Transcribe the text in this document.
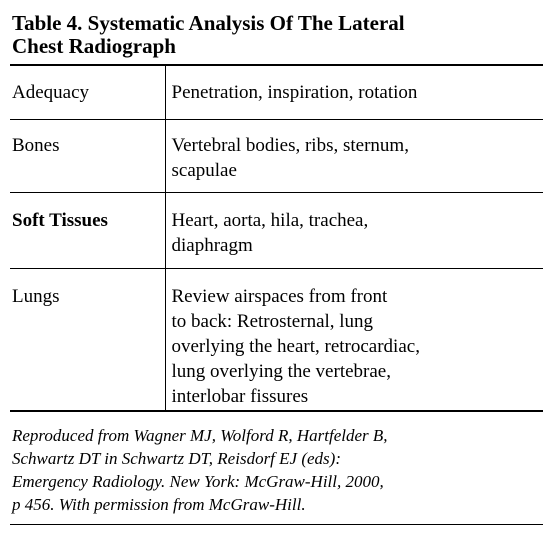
Table 4. Systematic Analysis Of The Lateral
Chest Radiograph
Adequacy	Penetration, inspiration, rotation
Bones	Vertebral bodies, ribs, sternum,
scapulae
Soft Tissues	Heart, aorta, hila, trachea,
diaphragm
Lungs	Review airspaces from front
to back: Retrosternal, lung
overlying the heart, retrocardiac,
lung overlying the vertebrae,
interlobar fissures

Reproduced from Wagner MJ, Wolford R, Hartfelder B,
Schwartz DT in Schwartz DT, Reisdorf EJ (eds):
Emergency Radiology. New York: McGraw-Hill, 2000,
p 456. With permission from McGraw-Hill.
